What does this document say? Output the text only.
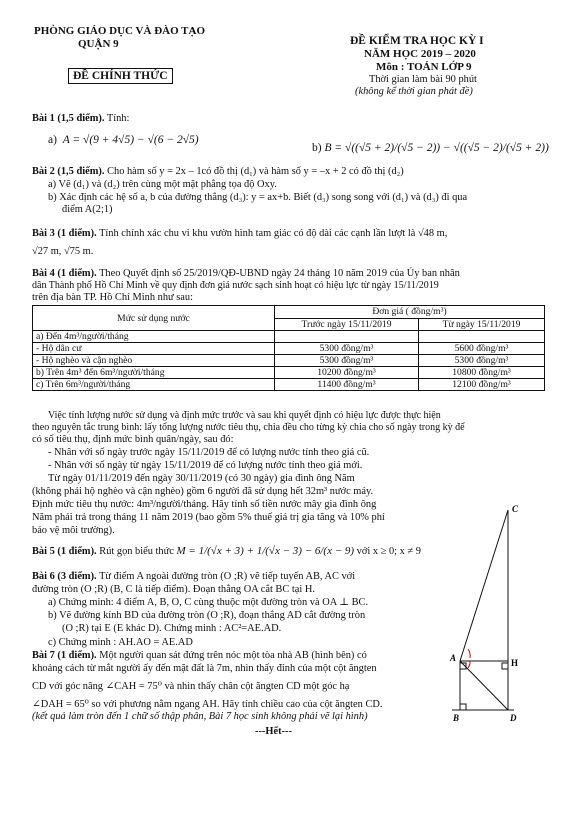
PHÒNG GIÁO DỤC VÀ ĐÀO TẠO
QUẬN 9
ĐỀ CHÍNH THỨC
ĐỀ KIỂM TRA HỌC KỲ I
NĂM HỌC 2019 – 2020
Môn : TOÁN LỚP 9
Thời gian làm bài 90 phút
(không kể thời gian phát đề)
Bài 1 (1,5 điểm). Tính:
a) A = √(9 + 4√5) − √(6 − 2√5)
b) B = √((√5 + 2)/(√5 − 2)) − √((√5 − 2)/(√5 + 2))
Bài 2 (1,5 điểm). Cho hàm số y = 2x – 1có đồ thị (d₁) và hàm số y = –x + 2 có đồ thị (d₂)
a) Vẽ (d₁) và (d₂) trên cùng một mặt phẳng tọa độ Oxy.
b) Xác định các hệ số a, b của đường thẳng (d₃): y = ax+b. Biết (d₃) song song với (d₁) và (d₃) đi qua
điểm A(2;1)
Bài 3 (1 điểm). Tính chính xác chu vi khu vườn hình tam giác có độ dài các cạnh lần lượt là √48 m,
√27 m, √75 m.
Bài 4 (1 điểm). Theo Quyết định số 25/2019/QĐ-UBND ngày 24 tháng 10 năm 2019 của Ủy ban nhân
dân Thành phố Hồ Chí Minh về quy định đơn giá nước sạch sinh hoạt có hiệu lực từ ngày 15/11/2019
trên địa bàn TP. Hồ Chí Minh như sau:
Mức sử dụng nước	Đơn giá ( đồng/m³)	
	Trước ngày 15/11/2019	Từ ngày 15/11/2019
a) Đến 4m³/người/tháng		
- Hộ dân cư	5300 đồng/m³	5600 đồng/m³
- Hộ nghèo và cận nghèo	5300 đồng/m³	5300 đồng/m³
b) Trên 4m³ đến 6m³/người/tháng	10200 đồng/m³	10800 đồng/m³
c) Trên 6m³/người/tháng	11400 đồng/m³	12100 đồng/m³
Việc tính lượng nước sử dụng và định mức trước và sau khi quyết định có hiệu lực được thực hiện
theo nguyên tắc trung bình: lấy tổng lượng nước tiêu thụ, chia đều cho từng kỳ chia cho số ngày trong kỳ để
có số tiêu thụ, định mức bình quân/ngày, sau đó:
- Nhân với số ngày trước ngày 15/11/2019 để có lượng nước tính theo giá cũ.
- Nhân với số ngày từ ngày 15/11/2019 để có lượng nước tính theo giá mới.
Từ ngày 01/11/2019 đến ngày 30/11/2019 (có 30 ngày) gia đình ông Năm
(không phải hộ nghèo và cận nghèo) gồm 6 người đã sử dụng hết 32m³ nước máy.
Định mức tiêu thụ nước: 4m³/người/tháng. Hãy tính số tiền nước mây gia đình ông
Năm phải trả trong tháng 11 năm 2019 (bao gồm 5% thuế giá trị gia tăng và 10% phí
bảo vệ môi trường).
Bài 5 (1 điểm). Rút gọn biểu thức M = 1/(√x + 3) + 1/(√x − 3) − 6/(x − 9) với x ≥ 0; x ≠ 9
Bài 6 (3 điểm). Từ điểm A ngoài đường tròn (O ;R) vẽ tiếp tuyến AB, AC với
đường tròn (O ;R) (B, C là tiếp điểm). Đoạn thẳng OA cắt BC tại H.
a) Chứng minh: 4 điểm A, B, O, C cùng thuộc một đường tròn và OA ⊥ BC.
b) Vẽ đường kính BD của đường tròn (O ;R), đoạn thẳng AD cắt đường tròn
(O ;R) tại E (E khác D). Chứng minh : AC²=AE.AD.
c) Chứng minh : AH.AO = AE.AD
Bài 7 (1 điểm). Một người quan sát đứng trên nóc một tòa nhà AB (hình bên) có
khoảng cách từ mắt người ấy đến mặt đất là 7m, nhìn thấy đỉnh của một cột ăngten
CD với góc nâng ∠CAH = 75⁰ và nhìn thấy chân cột ăngten CD một góc hạ
∠DAH = 65⁰ so với phương nằm ngang AH. Hãy tính chiều cao của cột ăngten CD.
(kết quả làm tròn đến 1 chữ số thập phân, Bài 7 học sinh không phải vẽ lại hình)
---Hết---
C
A	H
B	D
